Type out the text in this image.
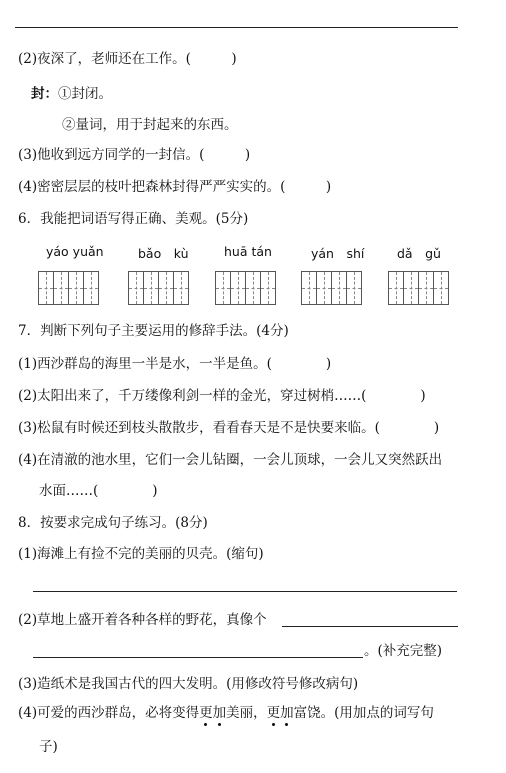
(2)夜深了，老师还在工作。(　　　)
封：①封闭。
②量词，用于封起来的东西。
(3)他收到远方同学的一封信。(　　　)
(4)密密层层的枝叶把森林封得严严实实的。(　　　)
6．我能把词语写得正确、美观。(5分)
yáo yuǎn	bǎo　kù	huā tán	yán　shí	dǎ　gǔ
7．判断下列句子主要运用的修辞手法。(4分)
(1)西沙群岛的海里一半是水，一半是鱼。(　　　　)
(2)太阳出来了，千万缕像利剑一样的金光，穿过树梢……(　　　　)
(3)松鼠有时候还到枝头散散步，看看春天是不是快要来临。(　　　　)
(4)在清澈的池水里，它们一会儿钻圈，一会儿顶球，一会儿又突然跃出
水面……(　　　　)
8．按要求完成句子练习。(8分)
(1)海滩上有捡不完的美丽的贝壳。(缩句)
(2)草地上盛开着各种各样的野花，真像个
。(补充完整)
(3)造纸术是我国古代的四大发明。(用修改符号修改病句)
(4)可爱的西沙群岛，必将变得更加美丽，更加富饶。(用加点的词写句
子)
